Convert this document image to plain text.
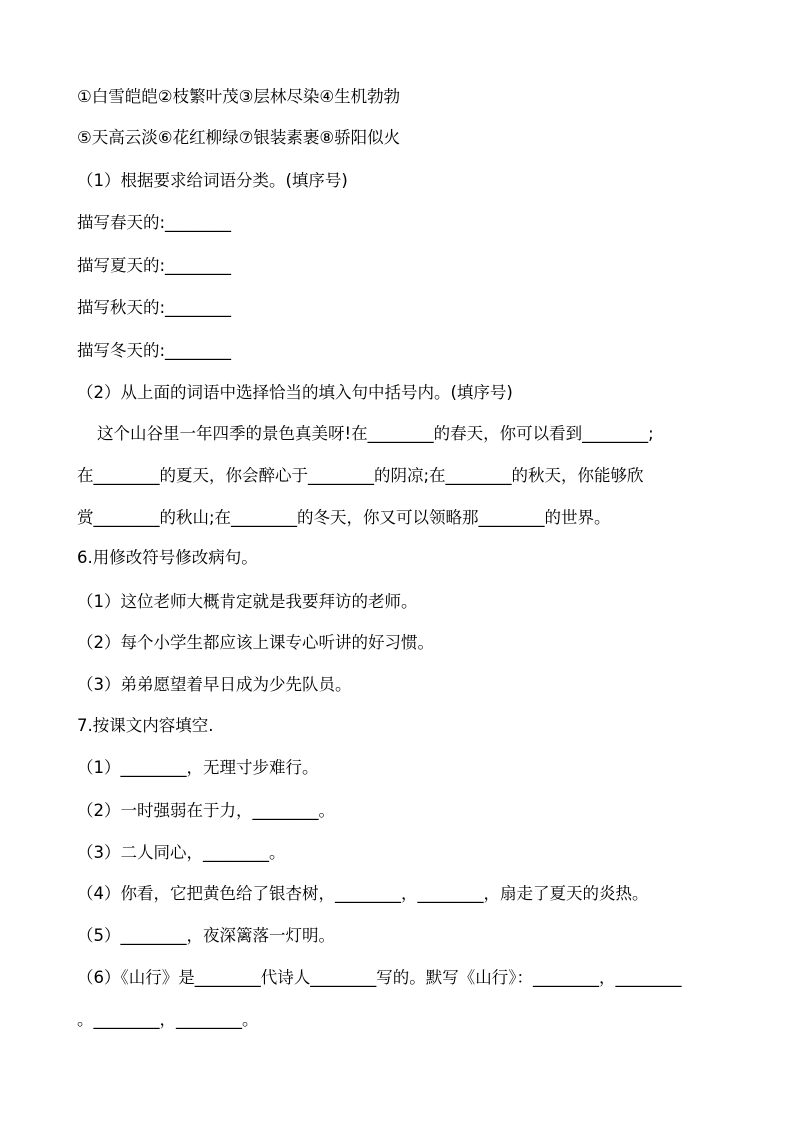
①白雪皑皑②枝繁叶茂③层林尽染④生机勃勃
⑤天高云淡⑥花红柳绿⑦银装素裹⑧骄阳似火
（1）根据要求给词语分类。(填序号)
描写春天的:________
描写夏天的:________
描写秋天的:________
描写冬天的:________
（2）从上面的词语中选择恰当的填入句中括号内。(填序号)
这个山谷里一年四季的景色真美呀!在________的春天，你可以看到________;
在________的夏天，你会醉心于________的阴凉;在________的秋天，你能够欣
赏________的秋山;在________的冬天，你又可以领略那________的世界。
6.用修改符号修改病句。
（1）这位老师大概肯定就是我要拜访的老师。
（2）每个小学生都应该上课专心听讲的好习惯。
（3）弟弟愿望着早日成为少先队员。
7.按课文内容填空.
（1）________，无理寸步难行。
（2）一时强弱在于力，________。
（3）二人同心，________。
（4）你看，它把黄色给了银杏树，________，________，扇走了夏天的炎热。
（5）________，夜深篱落一灯明。
（6）《山行》是________代诗人________写的。默写《山行》：________，________
。________，________。
